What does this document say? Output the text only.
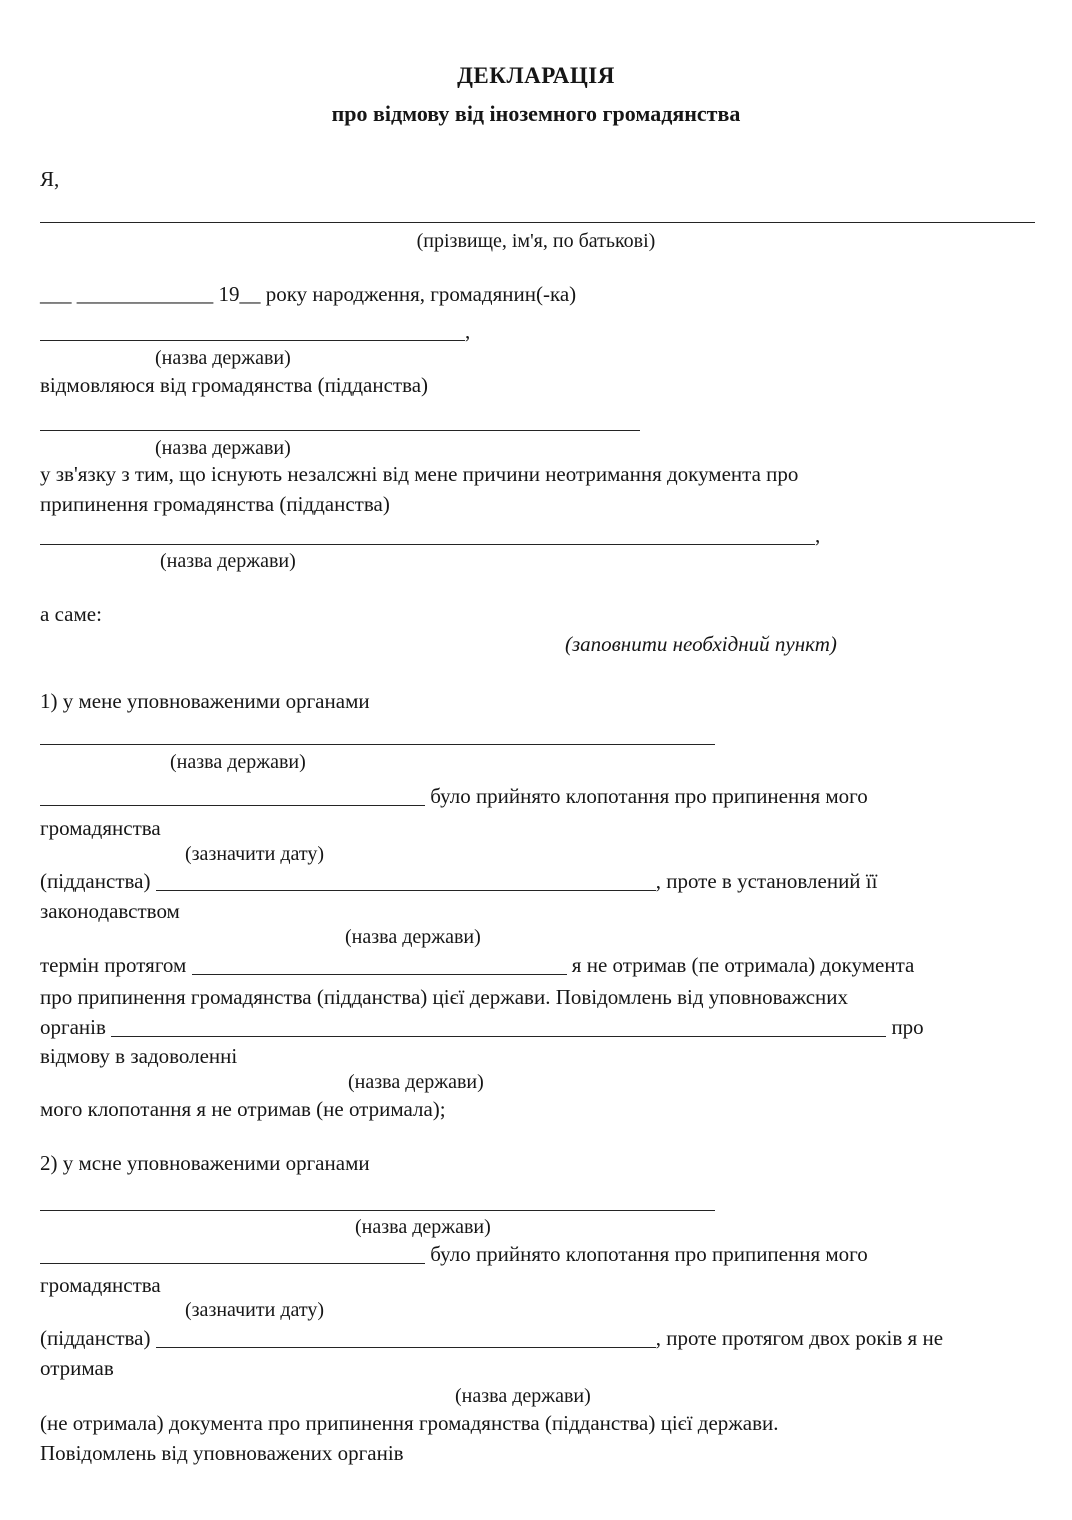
ДЕКЛАРАЦІЯ
про відмову від іноземного громадянства
Я,
(прізвище, ім'я, по батькові)
___ _____________ 19__ року народження, громадянин(-ка)
,
(назва держави)
відмовляюся від громадянства (підданства)
(назва держави)
у зв'язку з тим, що існують незалсжні від мене причини неотримання документа про
припинення громадянства (підданства)
,
(назва держави)
а саме:
(заповнити необхідний пункт)
1) у мене уповноваженими органами
(назва держави)
було прийнято клопотання про припинення мого
громадянства
(зазначити дату)
(підданства)	, проте в установлений її
законодавством
(назва держави)
термін протягом	я не отримав (пе отримала) документа
про припинення громадянства (підданства) цієї держави. Повідомлень від уповноважсних
органів	про
відмову в задоволенні
(назва держави)
мого клопотання я не отримав (не отримала);
2) у мсне уповноваженими органами
(назва держави)
було прийнято клопотання про припипення мого
громадянства
(зазначити дату)
(підданства)	, проте протягом двох років я не
отримав
(назва держави)
(не отримала) документа про припинення громадянства (підданства) цієї держави.
Повідомлень від уповноважених органів
